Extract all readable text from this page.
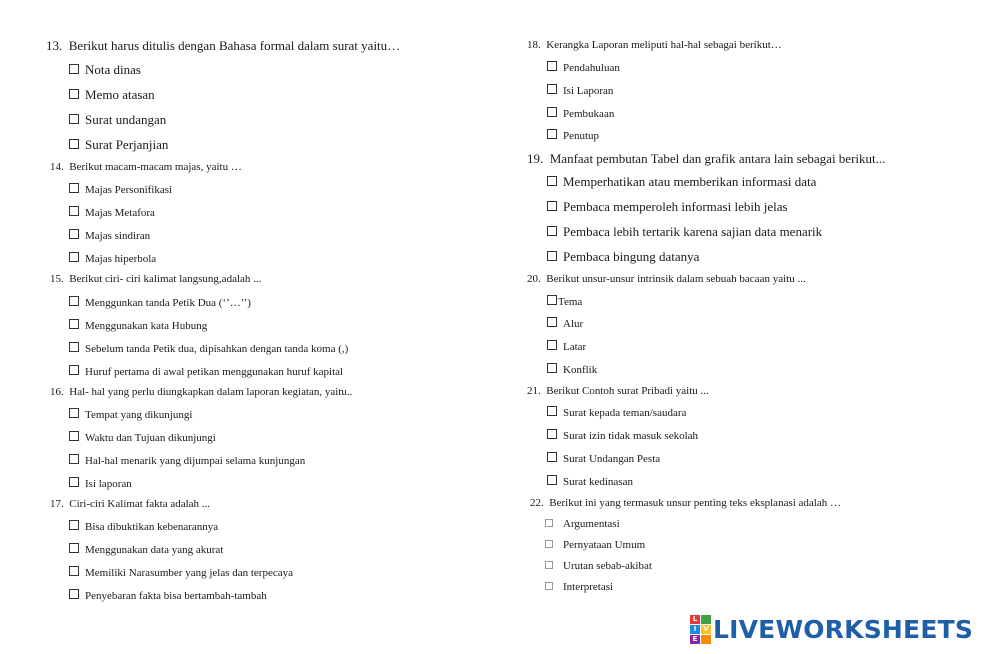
13. Berikut harus ditulis dengan Bahasa formal dalam surat yaitu…
Nota dinas
Memo atasan
Surat undangan
Surat Perjanjian
14. Berikut macam-macam majas, yaitu …
Majas Personifikasi
Majas Metafora
Majas sindiran
Majas hiperbola
15. Berikut ciri- ciri kalimat langsung,adalah ...
Menggunkan tanda Petik Dua (‘’…’’)
Menggunakan kata Hubung
Sebelum tanda Petik dua, dipisahkan dengan tanda koma (,)
Huruf pertama di awal petikan menggunakan huruf kapital
16. Hal- hal yang perlu diungkapkan dalam laporan kegiatan, yaitu..
Tempat yang dikunjungi
Waktu dan Tujuan dikunjungi
Hal-hal menarik yang dijumpai selama kunjungan
Isi laporan
17. Ciri-ciri Kalimat fakta adalah ...
Bisa dibuktikan kebenarannya
Menggunakan data yang akurat
Memiliki Narasumber yang jelas dan terpecaya
Penyebaran fakta bisa bertambah-tambah
18. Kerangka Laporan meliputi hal-hal sebagai berikut…
Pendahuluan
Isi Laporan
Pembukaan
Penutup
19. Manfaat pembutan Tabel dan grafik antara lain sebagai berikut...
Memperhatikan atau memberikan informasi data
Pembaca memperoleh informasi lebih jelas
Pembaca lebih tertarik karena sajian data menarik
Pembaca bingung datanya
20. Berikut unsur-unsur intrinsik dalam sebuah bacaan yaitu ...
Tema
Alur
Latar
Konflik
21. Berikut Contoh surat Pribadi yaitu ...
Surat kepada teman/saudara
Surat izin tidak masuk sekolah
Surat Undangan Pesta
Surat kedinasan
22. Berikut ini yang termasuk unsur penting teks eksplanasi adalah …
Argumentasi
Pernyataan Umum
Urutan sebab-akibat
Interpretasi
L
I V
E LIVEWORKSHEETS
